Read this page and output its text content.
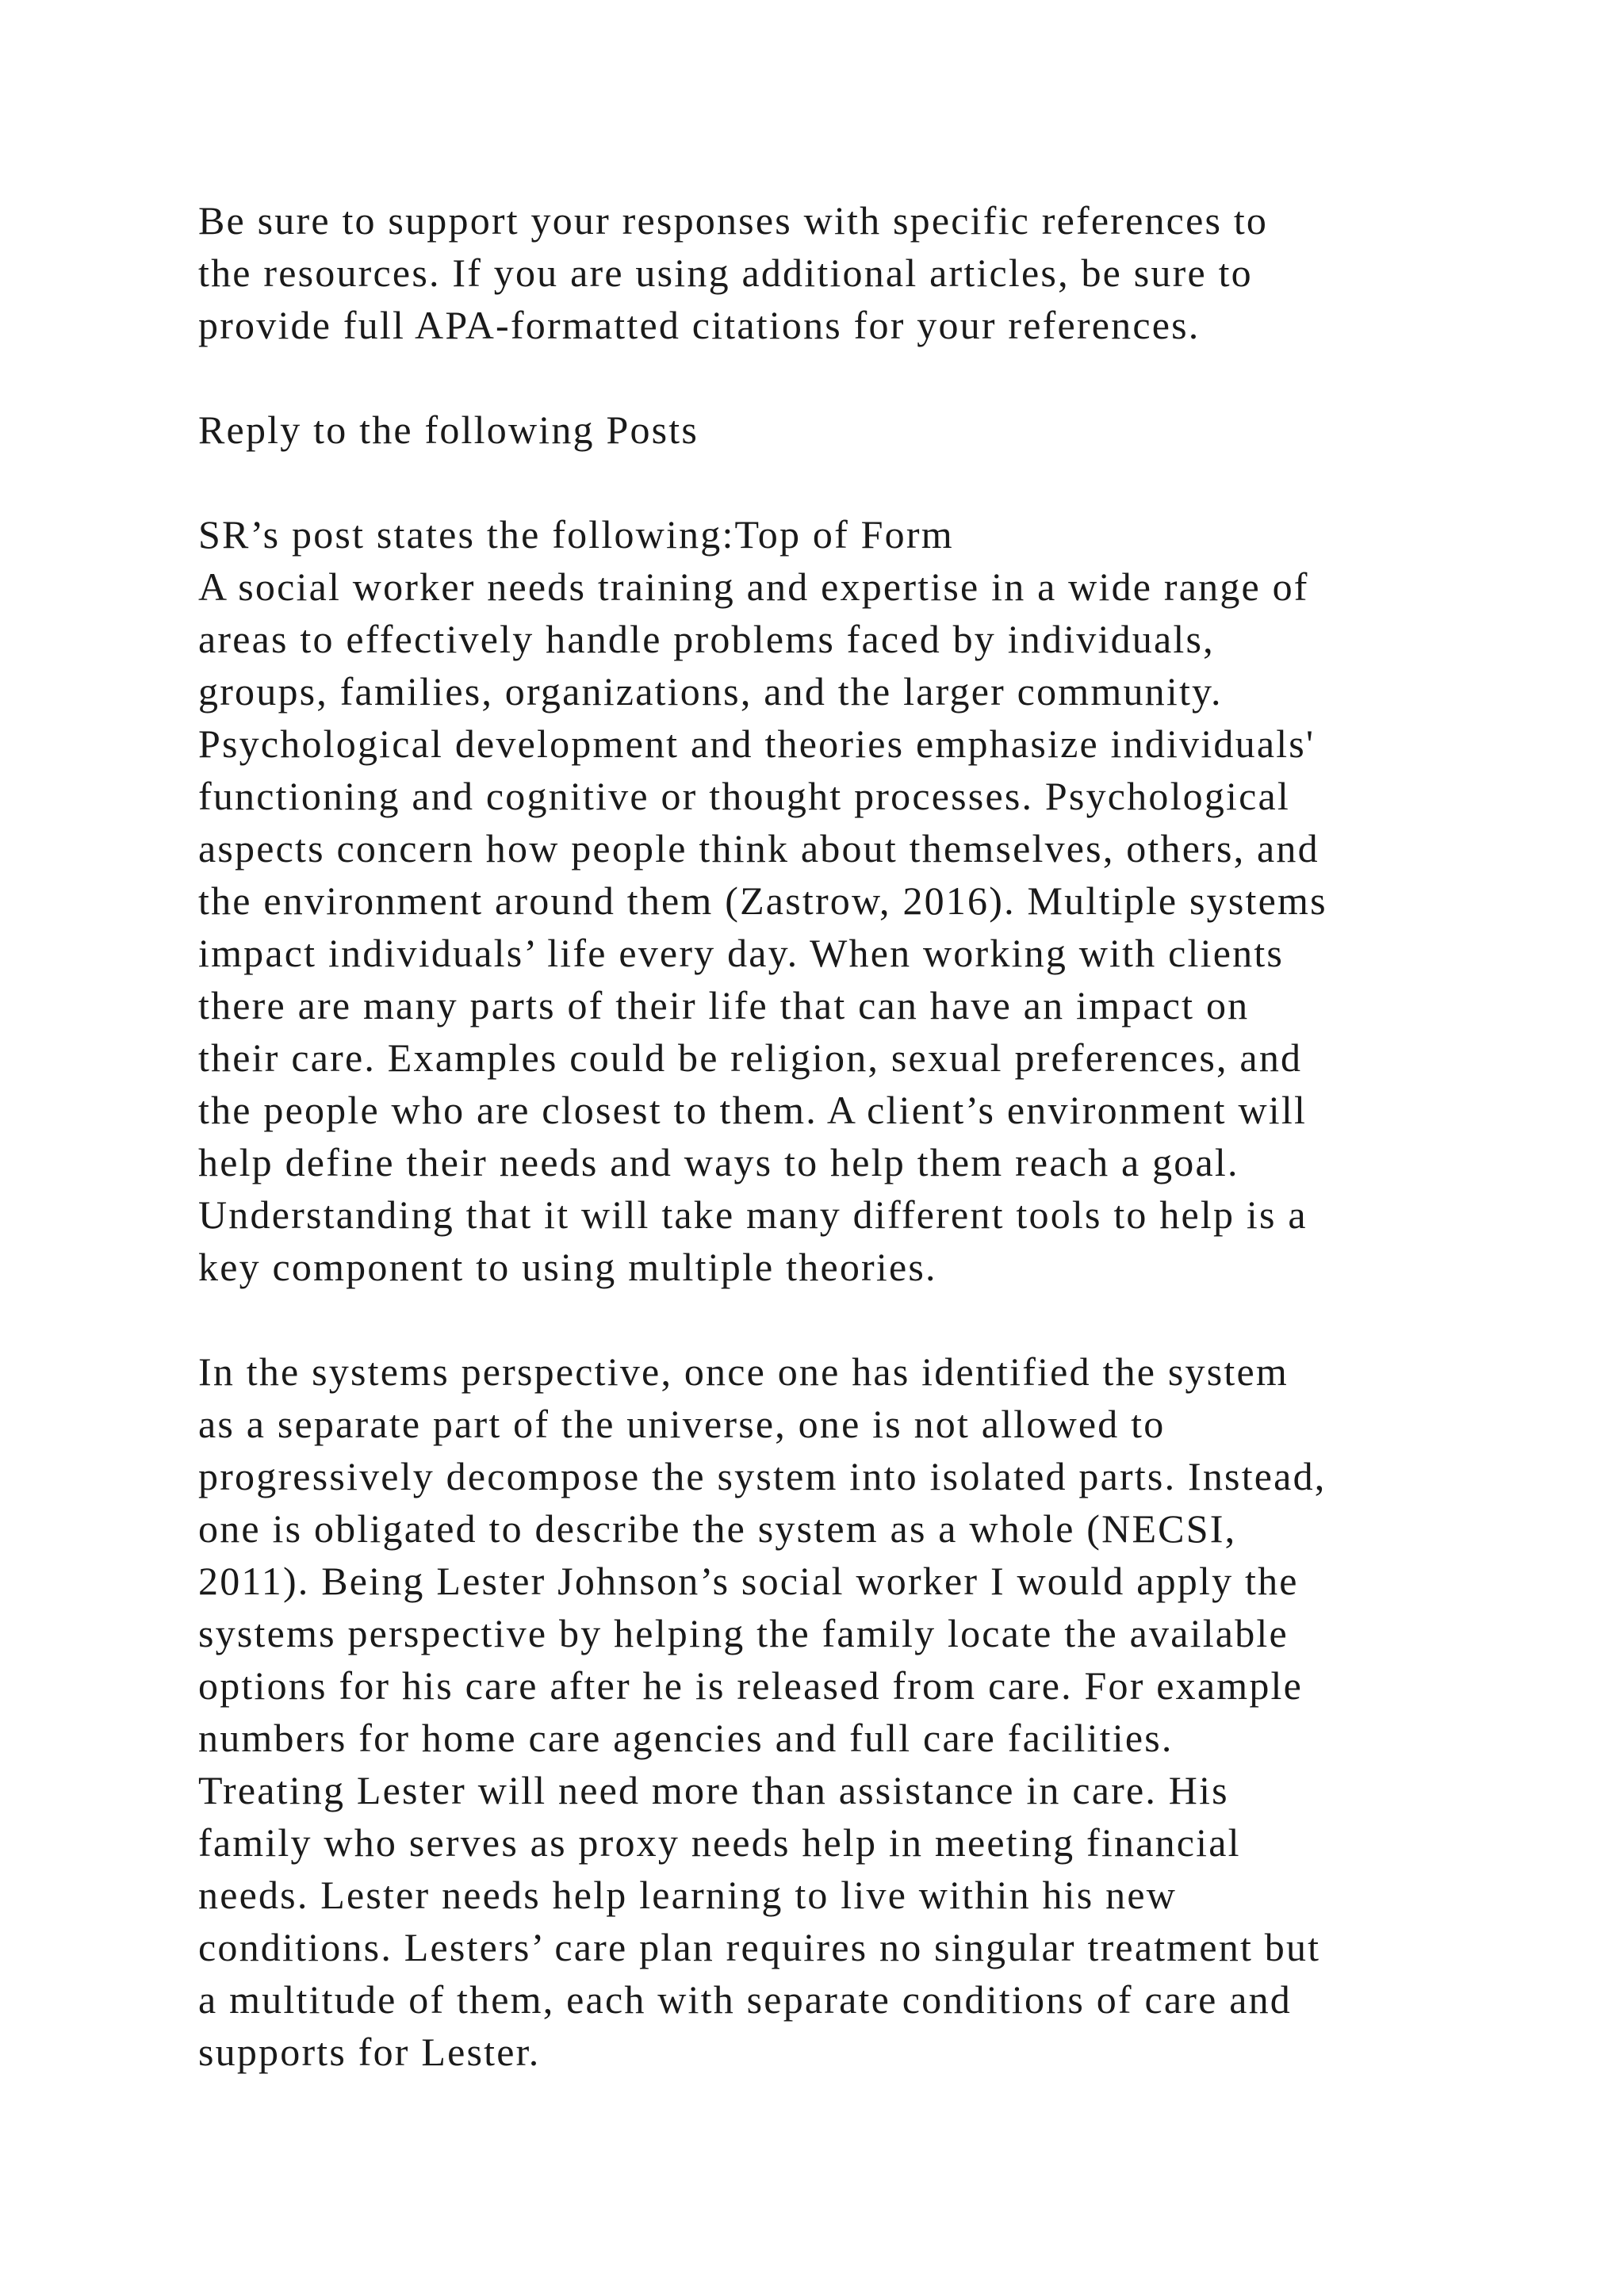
Be sure to support your responses with specific references to
the resources. If you are using additional articles, be sure to
provide full APA-formatted citations for your references.
Reply to the following Posts
SR’s post states the following:Top of Form
A social worker needs training and expertise in a wide range of
areas to effectively handle problems faced by individuals,
groups, families, organizations, and the larger community.
Psychological development and theories emphasize individuals'
functioning and cognitive or thought processes. Psychological
aspects concern how people think about themselves, others, and
the environment around them (Zastrow, 2016). Multiple systems
impact individuals’ life every day. When working with clients
there are many parts of their life that can have an impact on
their care. Examples could be religion, sexual preferences, and
the people who are closest to them. A client’s environment will
help define their needs and ways to help them reach a goal.
Understanding that it will take many different tools to help is a
key component to using multiple theories.
In the systems perspective, once one has identified the system
as a separate part of the universe, one is not allowed to
progressively decompose the system into isolated parts. Instead,
one is obligated to describe the system as a whole (NECSI,
2011). Being Lester Johnson’s social worker I would apply the
systems perspective by helping the family locate the available
options for his care after he is released from care. For example
numbers for home care agencies and full care facilities.
Treating Lester will need more than assistance in care. His
family who serves as proxy needs help in meeting financial
needs. Lester needs help learning to live within his new
conditions. Lesters’ care plan requires no singular treatment but
a multitude of them, each with separate conditions of care and
supports for Lester.
